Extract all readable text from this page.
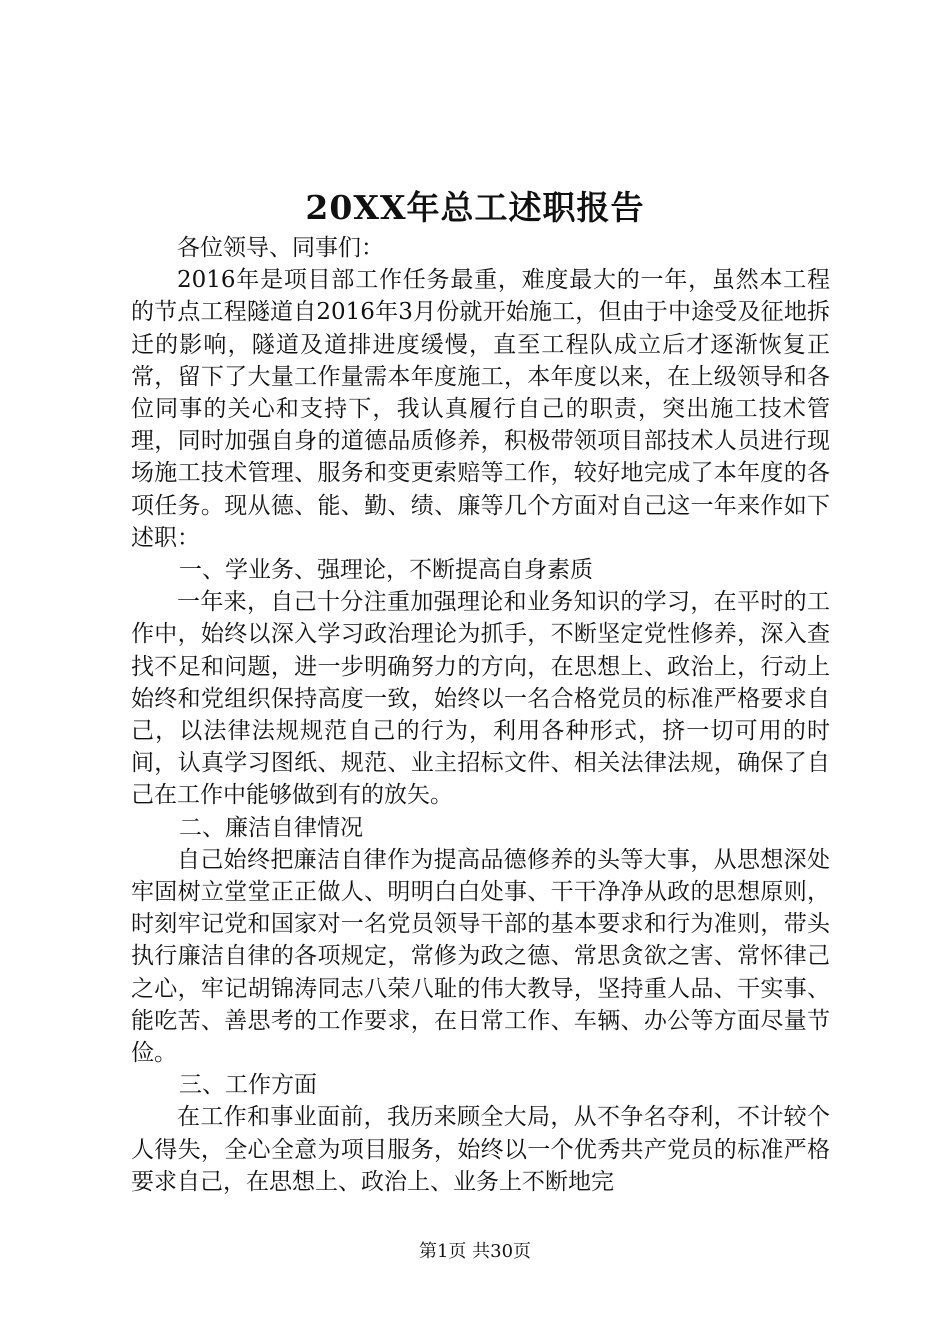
20XX年总工述职报告

各位领导、同事们：

2016年是项目部工作任务最重，难度最大的一年，虽然本工程的节点工程隧道自2016年3月份就开始施工，但由于中途受及征地拆迁的影响，隧道及道排进度缓慢，直至工程队成立后才逐渐恢复正常，留下了大量工作量需本年度施工，本年度以来，在上级领导和各位同事的关心和支持下，我认真履行自己的职责，突出施工技术管理，同时加强自身的道德品质修养，积极带领项目部技术人员进行现场施工技术管理、服务和变更索赔等工作，较好地完成了本年度的各项任务。现从德、能、勤、绩、廉等几个方面对自己这一年来作如下述职：

一、学业务、强理论，不断提高自身素质

一年来，自己十分注重加强理论和业务知识的学习，在平时的工作中，始终以深入学习政治理论为抓手，不断坚定党性修养，深入查找不足和问题，进一步明确努力的方向，在思想上、政治上，行动上始终和党组织保持高度一致，始终以一名合格党员的标准严格要求自己，以法律法规规范自己的行为，利用各种形式，挤一切可用的时间，认真学习图纸、规范、业主招标文件、相关法律法规，确保了自己在工作中能够做到有的放矢。

二、廉洁自律情况

自己始终把廉洁自律作为提高品德修养的头等大事，从思想深处牢固树立堂堂正正做人、明明白白处事、干干净净从政的思想原则，时刻牢记党和国家对一名党员领导干部的基本要求和行为准则，带头执行廉洁自律的各项规定，常修为政之德、常思贪欲之害、常怀律己之心，牢记胡锦涛同志八荣八耻的伟大教导，坚持重人品、干实事、能吃苦、善思考的工作要求，在日常工作、车辆、办公等方面尽量节俭。

三、工作方面

在工作和事业面前，我历来顾全大局，从不争名夺利，不计较个人得失，全心全意为项目服务，始终以一个优秀共产党员的标准严格要求自己，在思想上、政治上、业务上不断地完

第1页 共30页
